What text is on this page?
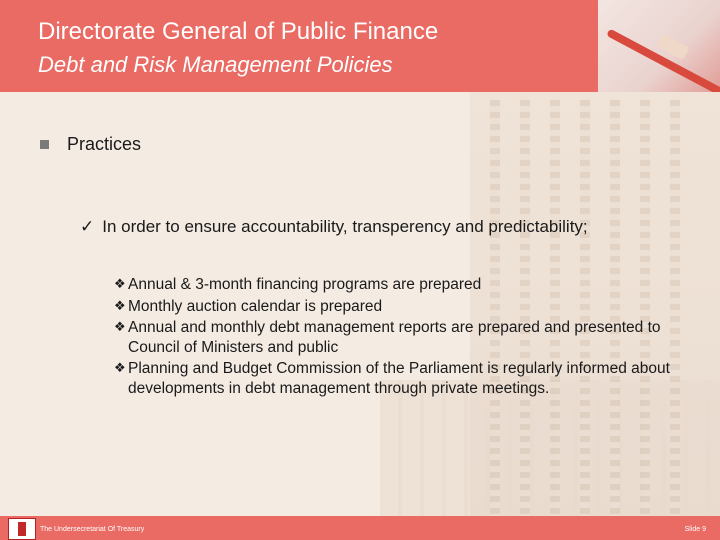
Directorate General of Public Finance
Debt and Risk Management Policies
Practices
✓ In order to ensure accountability, transperency and predictability;
❖ Annual & 3-month financing programs are prepared
❖ Monthly auction calendar is prepared
❖ Annual and monthly debt management reports are prepared and presented to Council of Ministers and public
❖ Planning and Budget Commission of the Parliament is regularly informed about developments in debt management through private meetings.
The Undersecretariat Of Treasury	Slide 9
